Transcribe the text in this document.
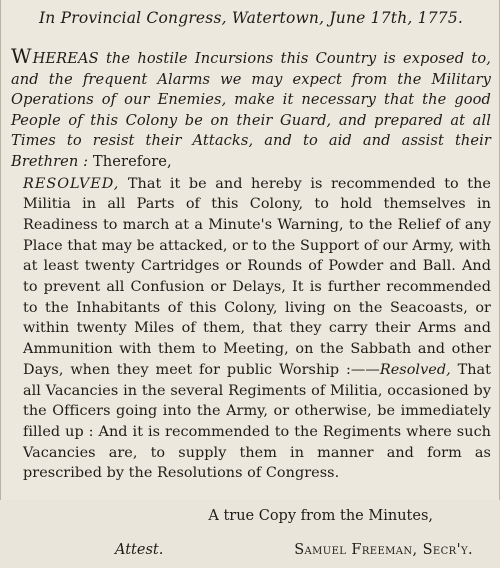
In Provincial Congress, Watertown, June 17th, 1775.

WHEREAS the hostile Incursions this Country is exposed to, and the frequent Alarms we may expect from the Military Operations of our Enemies, make it necessary that the good People of this Colony be on their Guard, and prepared at all Times to resist their Attacks, and to aid and assist their Brethren : Therefore,

RESOLVED, That it be and hereby is recommended to the Militia in all Parts of this Colony, to hold themselves in Readiness to march at a Minute's Warning, to the Relief of any Place that may be attacked, or to the Support of our Army, with at least twenty Cartridges or Rounds of Powder and Ball. And to prevent all Confusion or Delays, It is further recommended to the Inhabitants of this Colony, living on the Seacoasts, or within twenty Miles of them, that they carry their Arms and Ammunition with them to Meeting, on the Sabbath and other Days, when they meet for public Worship :——Resolved, That all Vacancies in the several Regiments of Militia, occasioned by the Officers going into the Army, or otherwise, be immediately filled up : And it is recommended to the Regiments where such Vacancies are, to supply them in manner and form as prescribed by the Resolutions of Congress.

A true Copy from the Minutes,
Attest.	Samuel Freeman, Secr'y.
